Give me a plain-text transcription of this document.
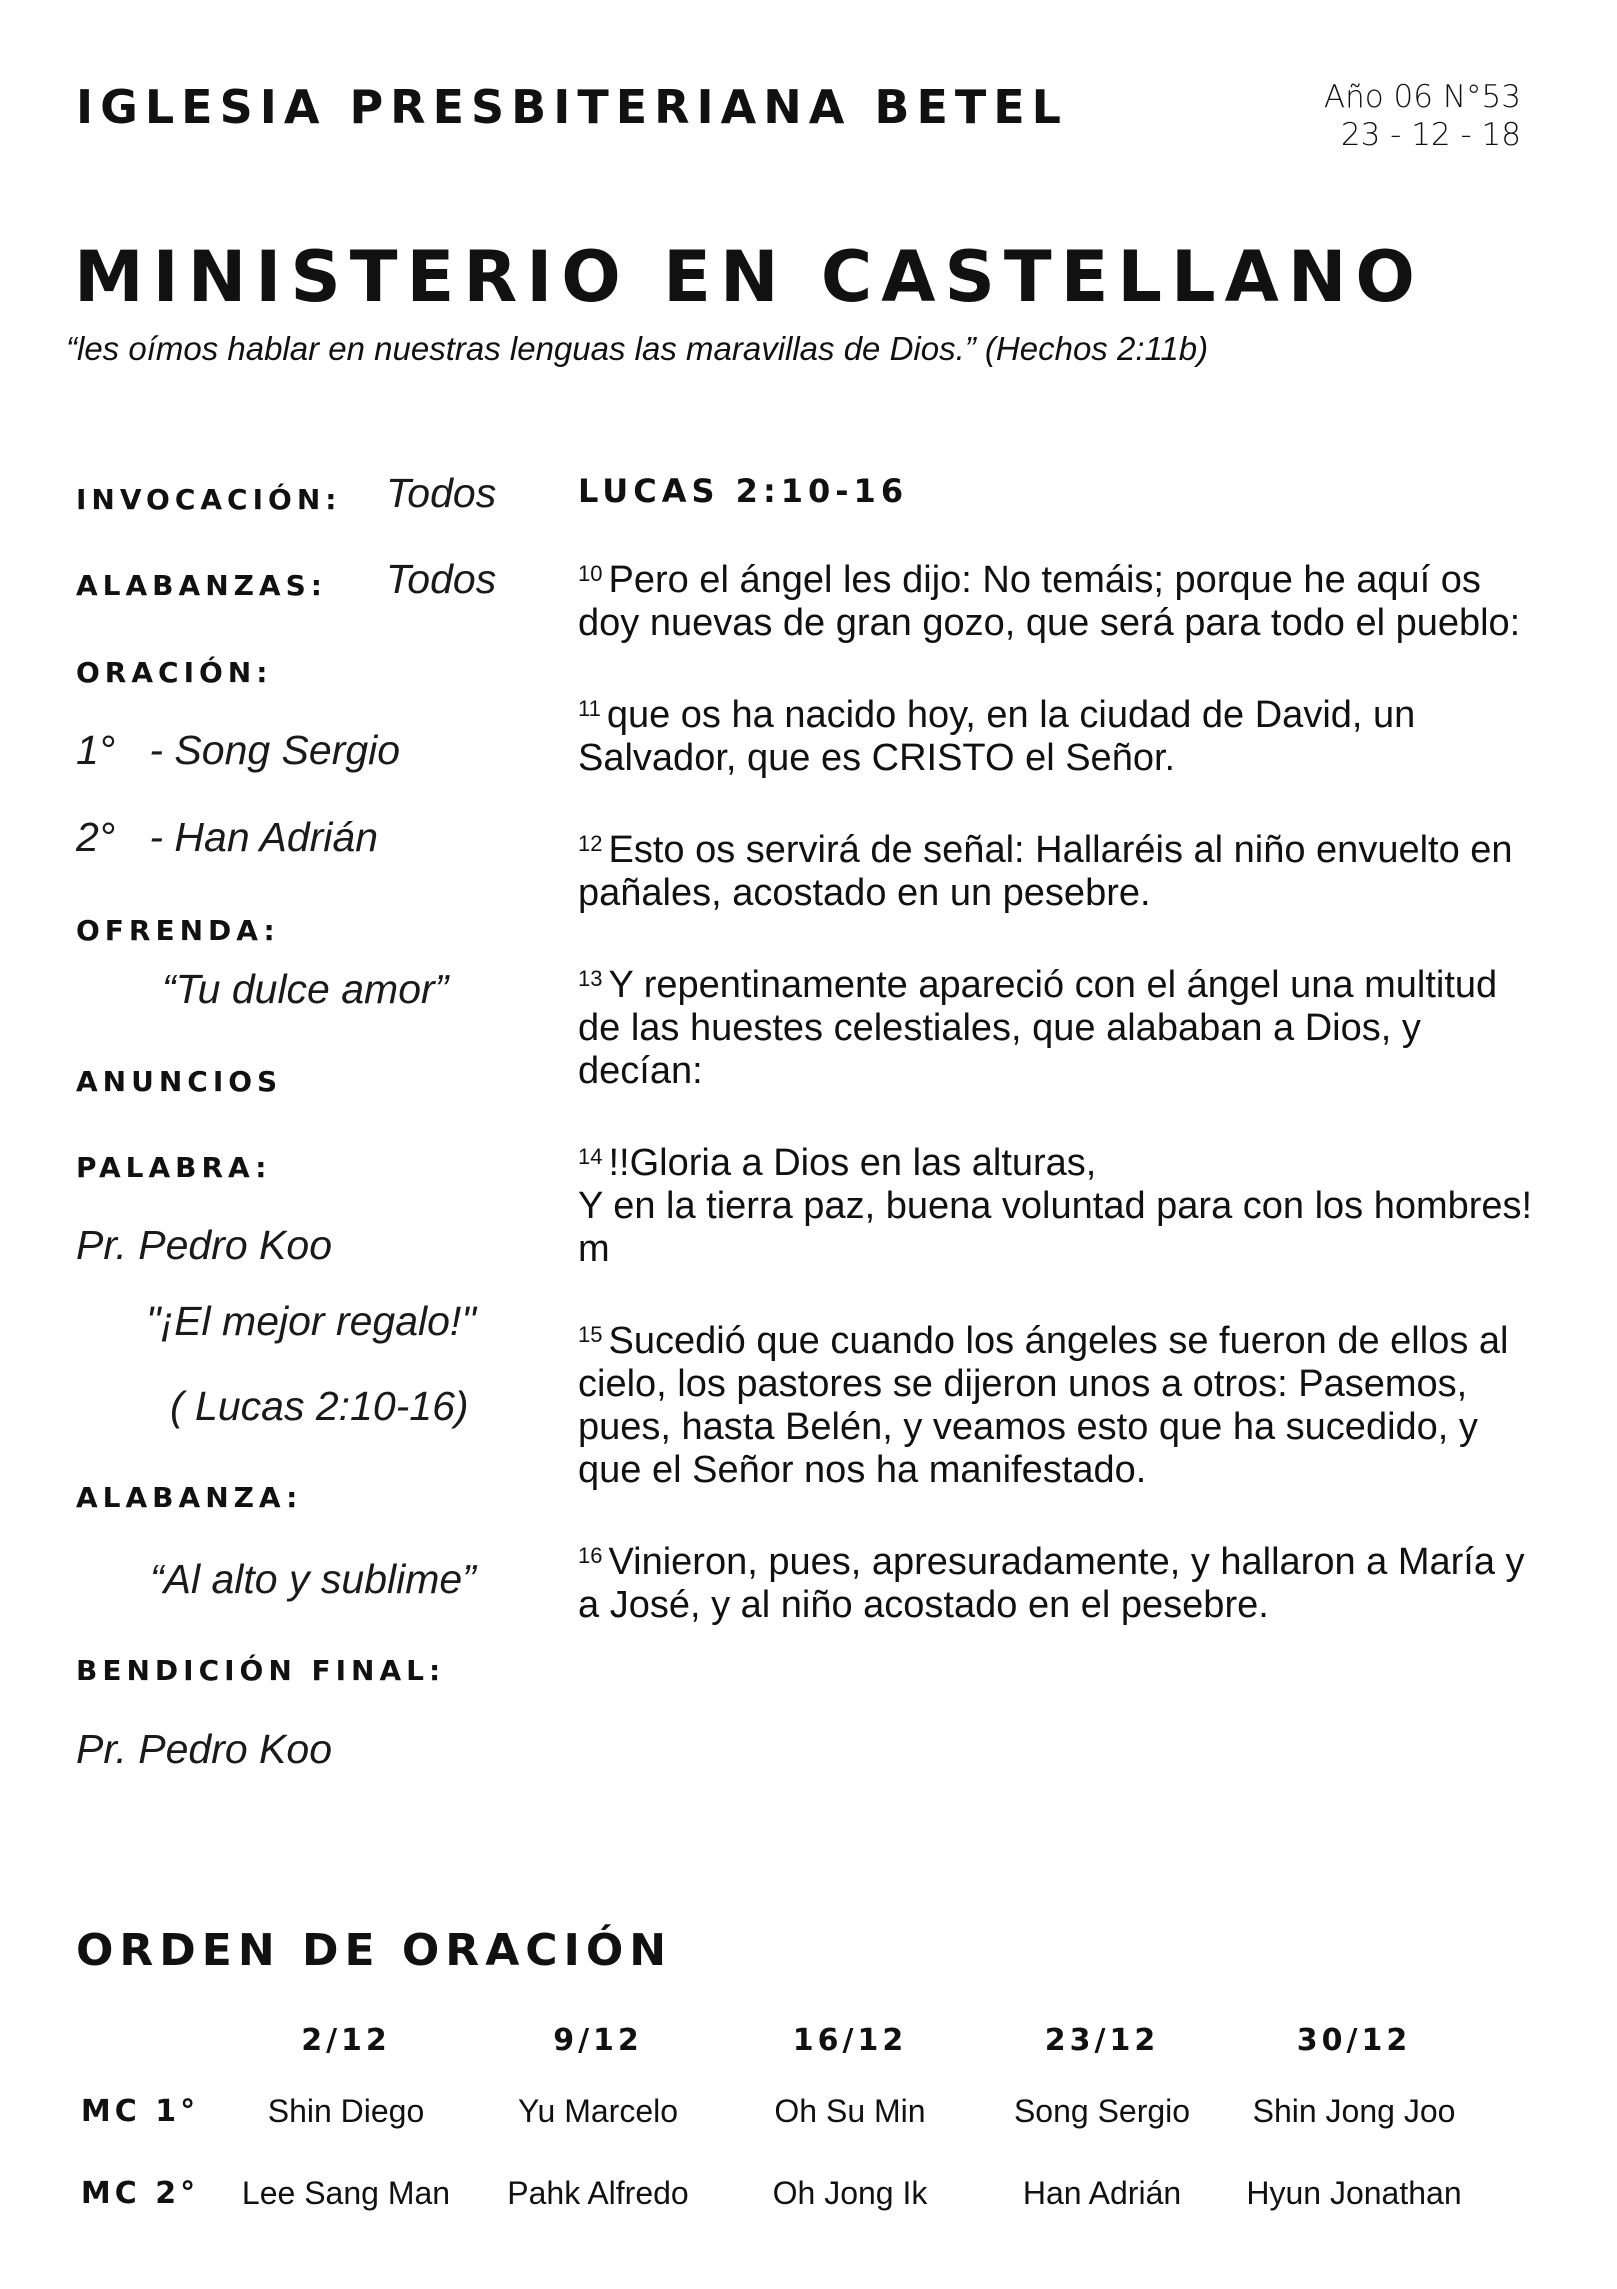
IGLESIA PRESBITERIANA BETEL	Año 06 N°53
23 - 12 - 18
MINISTERIO EN CASTELLANO
“les oímos hablar en nuestras lenguas las maravillas de Dios.” (Hechos 2:11b)
INVOCACIÓN: Todos
ALABANZAS: Todos
ORACIÓN:
1°   - Song Sergio
2°   - Han Adrián
OFRENDA:
“Tu dulce amor”
ANUNCIOS
PALABRA:
Pr. Pedro Koo
"¡El mejor regalo!"
( Lucas 2:10-16)
ALABANZA:
“Al alto y sublime”
BENDICIÓN FINAL:
Pr. Pedro Koo
LUCAS 2:10-16
$^{10}$ Pero el ángel les dijo: No temáis; porque he aquí os doy nuevas de gran gozo, que será para todo el pueblo:
$^{11}$ que os ha nacido hoy, en la ciudad de David, un Salvador, que es CRISTO el Señor.
$^{12}$ Esto os servirá de señal: Hallaréis al niño envuelto en pañales, acostado en un pesebre.
$^{13}$ Y repentinamente apareció con el ángel una multitud de las huestes celestiales, que alababan a Dios, y decían:
$^{14}$ !!Gloria a Dios en las alturas,
Y en la tierra paz, buena voluntad para con los hombres! m
$^{15}$ Sucedió que cuando los ángeles se fueron de ellos al cielo, los pastores se dijeron unos a otros: Pasemos, pues, hasta Belén, y veamos esto que ha sucedido, y que el Señor nos ha manifestado.
$^{16}$ Vinieron, pues, apresuradamente, y hallaron a María y a José, y al niño acostado en el pesebre.
ORDEN DE ORACIÓN
	2/12	9/12	16/12	23/12	30/12
MC 1°	Shin Diego	Yu Marcelo	Oh Su Min	Song Sergio	Shin Jong Joo
MC 2°	Lee Sang Man	Pahk Alfredo	Oh Jong Ik	Han Adrián	Hyun Jonathan
